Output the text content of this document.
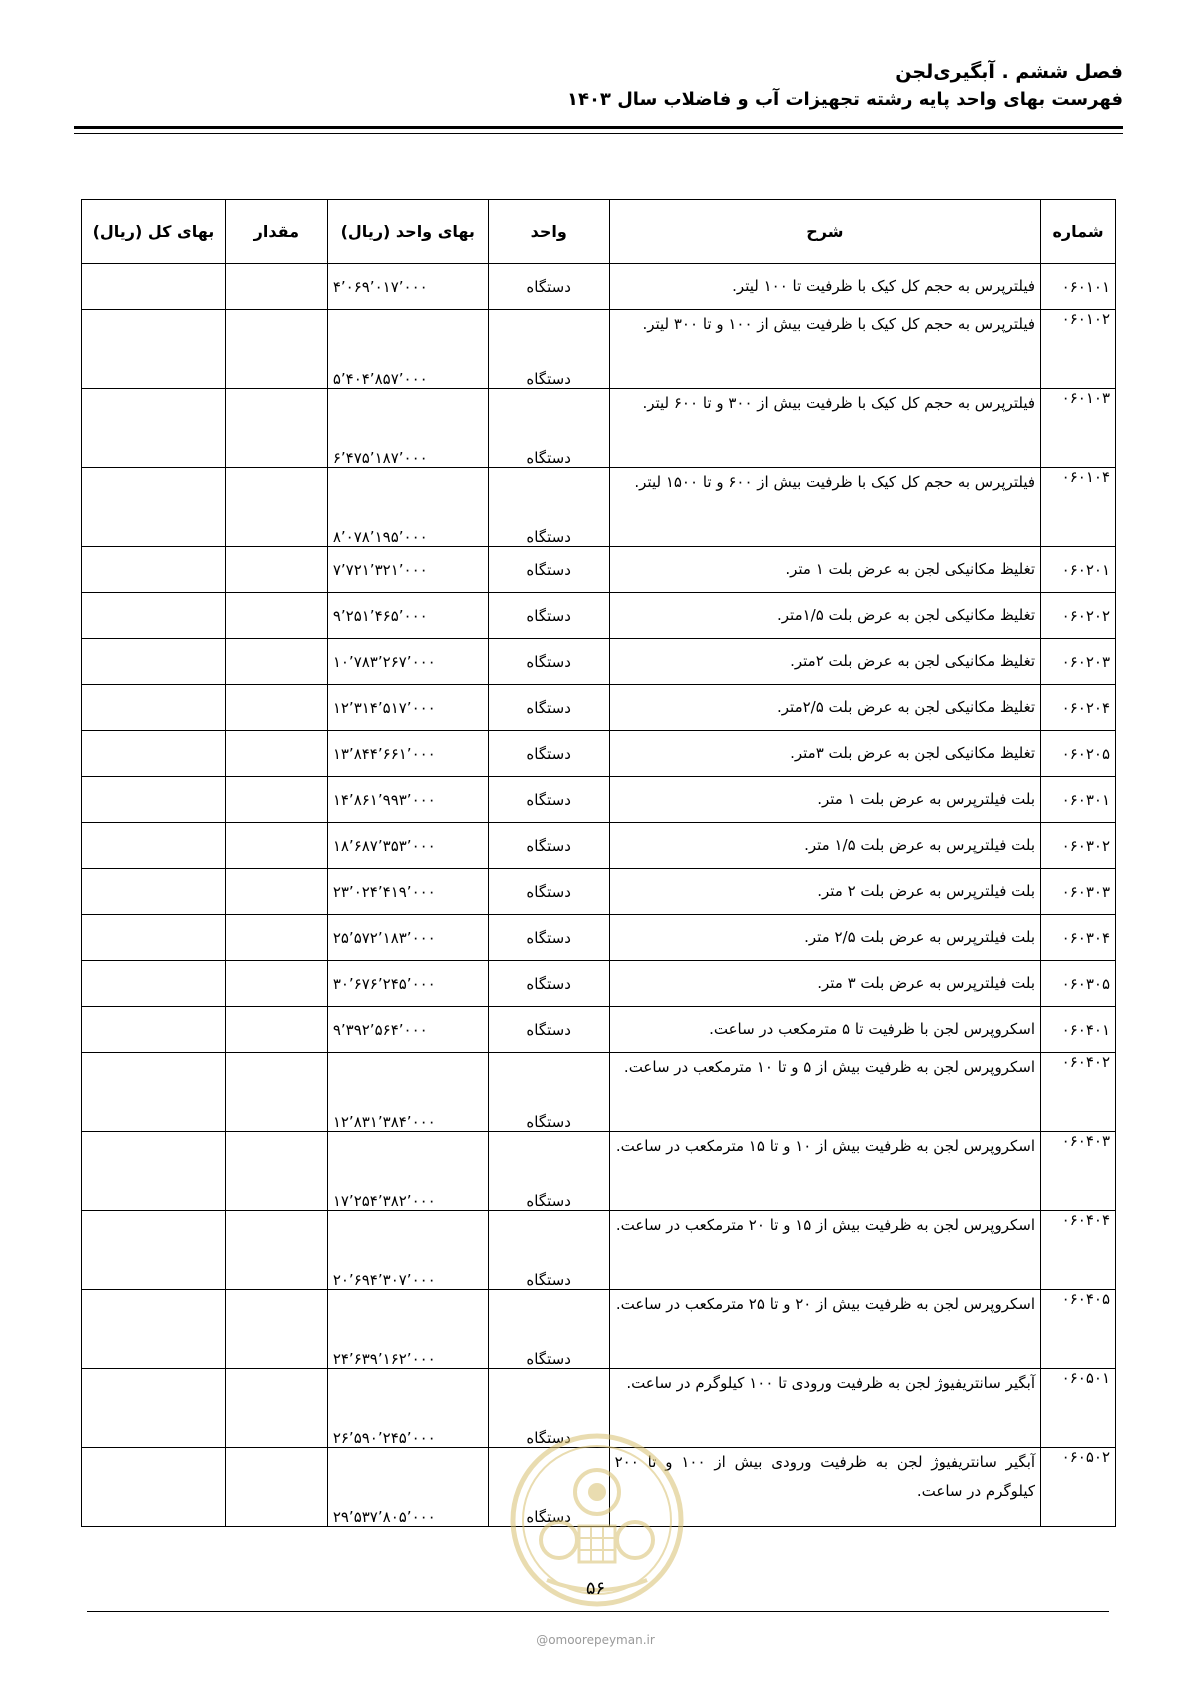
فصل ششم . آبگیری‌لجن
فهرست بهای واحد پایه رشته تجهیزات آب و فاضلاب سال ۱۴۰۳
شماره	شرح	واحد	بهای واحد (ریال)	مقدار	بهای کل (ریال)
۰۶۰۱۰۱	فیلترپرس به حجم کل کیک با ظرفیت تا ۱۰۰ لیتر.	دستگاه	۴٬۰۶۹٬۰۱۷٬۰۰۰		
۰۶۰۱۰۲	فیلترپرس به حجم کل کیک با ظرفیت بیش از ۱۰۰ و تا ۳۰۰ لیتر.	دستگاه	۵٬۴۰۴٬۸۵۷٬۰۰۰		
۰۶۰۱۰۳	فیلترپرس به حجم کل کیک با ظرفیت بیش از ۳۰۰ و تا ۶۰۰ لیتر.	دستگاه	۶٬۴۷۵٬۱۸۷٬۰۰۰		
۰۶۰۱۰۴	فیلترپرس به حجم کل کیک با ظرفیت بیش از ۶۰۰ و تا ۱۵۰۰ لیتر.	دستگاه	۸٬۰۷۸٬۱۹۵٬۰۰۰		
۰۶۰۲۰۱	تغلیظ مکانیکی لجن به عرض بلت ۱ متر.	دستگاه	۷٬۷۲۱٬۳۲۱٬۰۰۰		
۰۶۰۲۰۲	تغلیظ مکانیکی لجن به عرض بلت ۱/۵متر.	دستگاه	۹٬۲۵۱٬۴۶۵٬۰۰۰		
۰۶۰۲۰۳	تغلیظ مکانیکی لجن به عرض بلت ۲متر.	دستگاه	۱۰٬۷۸۳٬۲۶۷٬۰۰۰		
۰۶۰۲۰۴	تغلیظ مکانیکی لجن به عرض بلت ۲/۵متر.	دستگاه	۱۲٬۳۱۴٬۵۱۷٬۰۰۰		
۰۶۰۲۰۵	تغلیظ مکانیکی لجن به عرض بلت ۳متر.	دستگاه	۱۳٬۸۴۴٬۶۶۱٬۰۰۰		
۰۶۰۳۰۱	بلت فیلترپرس به عرض بلت ۱ متر.	دستگاه	۱۴٬۸۶۱٬۹۹۳٬۰۰۰		
۰۶۰۳۰۲	بلت فیلترپرس به عرض بلت ۱/۵ متر.	دستگاه	۱۸٬۶۸۷٬۳۵۳٬۰۰۰		
۰۶۰۳۰۳	بلت فیلترپرس به عرض بلت ۲ متر.	دستگاه	۲۳٬۰۲۴٬۴۱۹٬۰۰۰		
۰۶۰۳۰۴	بلت فیلترپرس به عرض بلت ۲/۵ متر.	دستگاه	۲۵٬۵۷۲٬۱۸۳٬۰۰۰		
۰۶۰۳۰۵	بلت فیلترپرس به عرض بلت ۳ متر.	دستگاه	۳۰٬۶۷۶٬۲۴۵٬۰۰۰		
۰۶۰۴۰۱	اسکروپرس لجن با ظرفیت تا ۵ مترمکعب در ساعت.	دستگاه	۹٬۳۹۲٬۵۶۴٬۰۰۰		
۰۶۰۴۰۲	اسکروپرس لجن به ظرفیت بیش از ۵ و تا ۱۰ مترمکعب در ساعت.	دستگاه	۱۲٬۸۳۱٬۳۸۴٬۰۰۰		
۰۶۰۴۰۳	اسکروپرس لجن به ظرفیت بیش از ۱۰ و تا ۱۵ مترمکعب در ساعت.	دستگاه	۱۷٬۲۵۴٬۳۸۲٬۰۰۰		
۰۶۰۴۰۴	اسکروپرس لجن به ظرفیت بیش از ۱۵ و تا ۲۰ مترمکعب در ساعت.	دستگاه	۲۰٬۶۹۴٬۳۰۷٬۰۰۰		
۰۶۰۴۰۵	اسکروپرس لجن به ظرفیت بیش از ۲۰ و تا ۲۵ مترمکعب در ساعت.	دستگاه	۲۴٬۶۳۹٬۱۶۲٬۰۰۰		
۰۶۰۵۰۱	آبگیر سانتریفیوژ لجن به ظرفیت ورودی تا ۱۰۰ کیلوگرم در ساعت.	دستگاه	۲۶٬۵۹۰٬۲۴۵٬۰۰۰		
۰۶۰۵۰۲	آبگیر سانتریفیوژ لجن به ظرفیت ورودی بیش از ۱۰۰ و تا ۲۰۰ کیلوگرم در ساعت.	دستگاه	۲۹٬۵۳۷٬۸۰۵٬۰۰۰		
۵۶
@omoorepeyman.ir
